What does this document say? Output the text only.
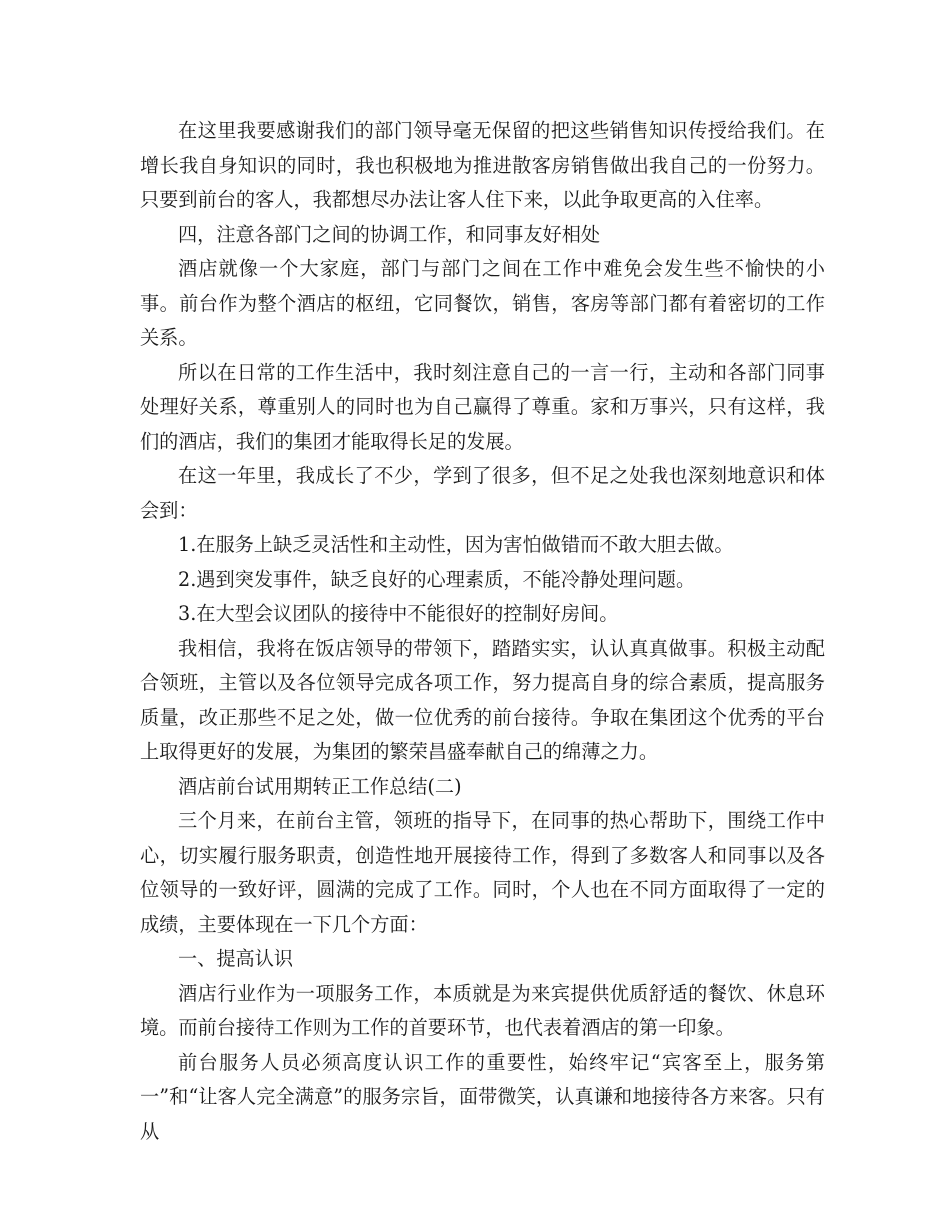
在这里我要感谢我们的部门领导毫无保留的把这些销售知识传授给我们。在增长我自身知识的同时，我也积极地为推进散客房销售做出我自己的一份努力。只要到前台的客人，我都想尽办法让客人住下来，以此争取更高的入住率。

四，注意各部门之间的协调工作，和同事友好相处

酒店就像一个大家庭，部门与部门之间在工作中难免会发生些不愉快的小事。前台作为整个酒店的枢纽，它同餐饮，销售，客房等部门都有着密切的工作关系。

所以在日常的工作生活中，我时刻注意自己的一言一行，主动和各部门同事处理好关系，尊重别人的同时也为自己赢得了尊重。家和万事兴，只有这样，我们的酒店，我们的集团才能取得长足的发展。

在这一年里，我成长了不少，学到了很多，但不足之处我也深刻地意识和体会到：

1.在服务上缺乏灵活性和主动性，因为害怕做错而不敢大胆去做。

2.遇到突发事件，缺乏良好的心理素质，不能冷静处理问题。

3.在大型会议团队的接待中不能很好的控制好房间。

我相信，我将在饭店领导的带领下，踏踏实实，认认真真做事。积极主动配合领班，主管以及各位领导完成各项工作，努力提高自身的综合素质，提高服务质量，改正那些不足之处，做一位优秀的前台接待。争取在集团这个优秀的平台上取得更好的发展，为集团的繁荣昌盛奉献自己的绵薄之力。

酒店前台试用期转正工作总结(二)

三个月来，在前台主管，领班的指导下，在同事的热心帮助下，围绕工作中心，切实履行服务职责，创造性地开展接待工作，得到了多数客人和同事以及各位领导的一致好评，圆满的完成了工作。同时，个人也在不同方面取得了一定的成绩，主要体现在一下几个方面：

一、提高认识

酒店行业作为一项服务工作，本质就是为来宾提供优质舒适的餐饮、休息环境。而前台接待工作则为工作的首要环节，也代表着酒店的第一印象。

前台服务人员必须高度认识工作的重要性，始终牢记“宾客至上，服务第一”和“让客人完全满意”的服务宗旨，面带微笑，认真谦和地接待各方来客。只有从
